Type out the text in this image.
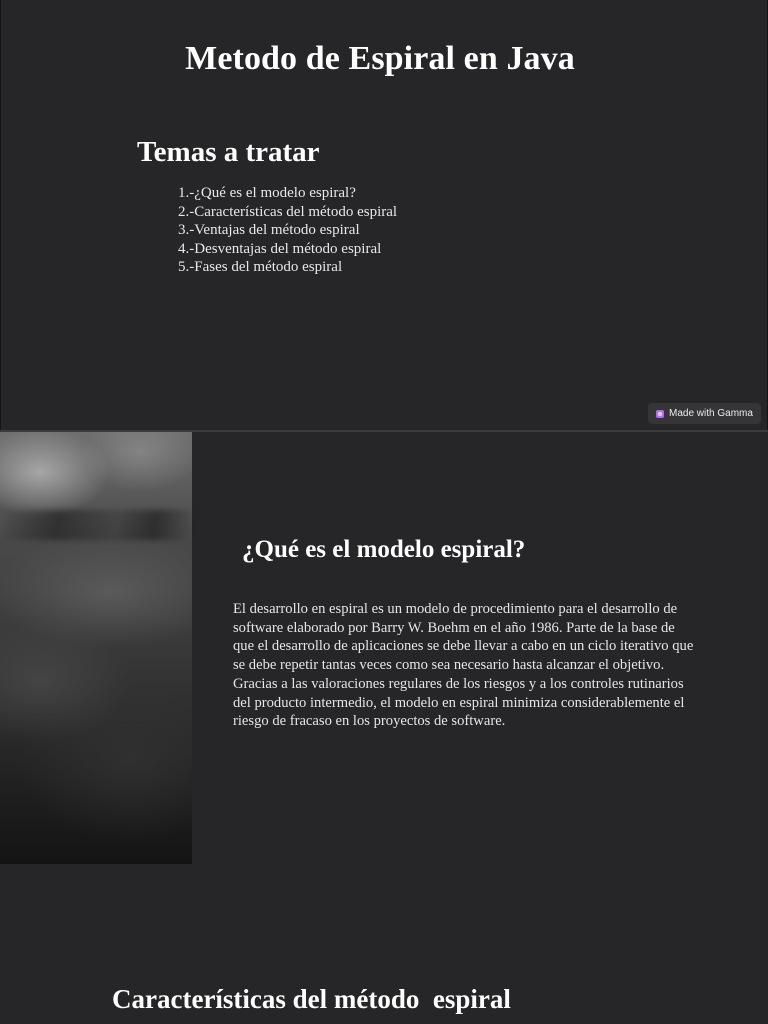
Metodo de Espiral en Java
Temas a tratar
1.-¿Qué es el modelo espiral?
2.-Características del método espiral
3.-Ventajas del método espiral
4.-Desventajas del método espiral
5.-Fases del método espiral
Made with Gamma
¿Qué es el modelo espiral?

El desarrollo en espiral es un modelo de procedimiento para el desarrollo de software elaborado por Barry W. Boehm en el año 1986. Parte de la base de que el desarrollo de aplicaciones se debe llevar a cabo en un ciclo iterativo que se debe repetir tantas veces como sea necesario hasta alcanzar el objetivo. Gracias a las valoraciones regulares de los riesgos y a los controles rutinarios del producto intermedio, el modelo en espiral minimiza considerablemente el riesgo de fracaso en los proyectos de software.

Características del método  espiral
